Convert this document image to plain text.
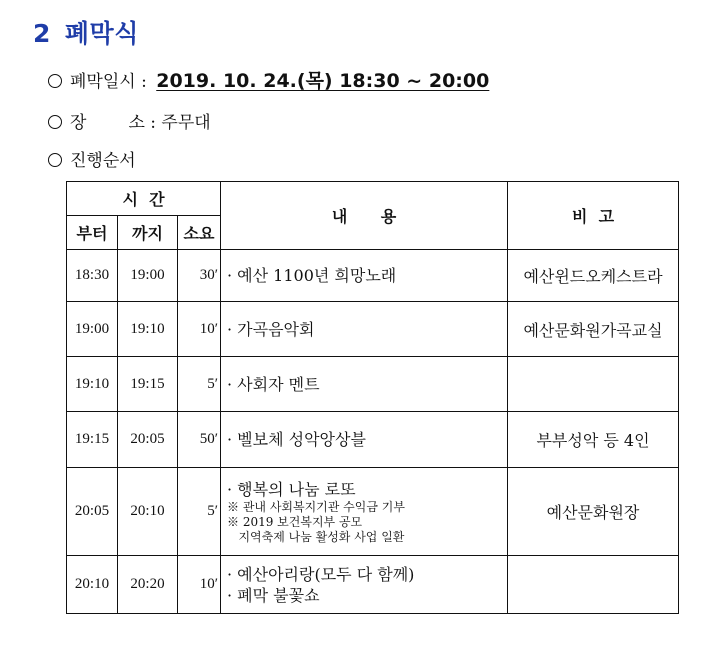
2 폐막식
폐막일시 : 2019. 10. 24.(목) 18:30 ~ 20:00
장 소 : 주무대
진행순서
시  간			내      용	비  고
부터	까지	소요		
18:30	19:00	30′	· 예산 1100년 희망노래	예산윈드오케스트라
19:00	19:10	10′	· 가곡음악회	예산문화원가곡교실
19:10	19:15	5′	· 사회자 멘트	

19:15	20:05	50′	· 벨보체 성악앙상블	부부성악 등 4인
20:05	20:10	5′	· 행복의 나눔 로또
※ 관내 사회복지기관 수익금 기부
※ 2019 보건복지부 공모
지역축제 나눔 활성화 사업 일환	예산문화원장
20:10	20:20	10′	· 예산아리랑(모두 다 함께)
· 폐막 불꽃쇼	
